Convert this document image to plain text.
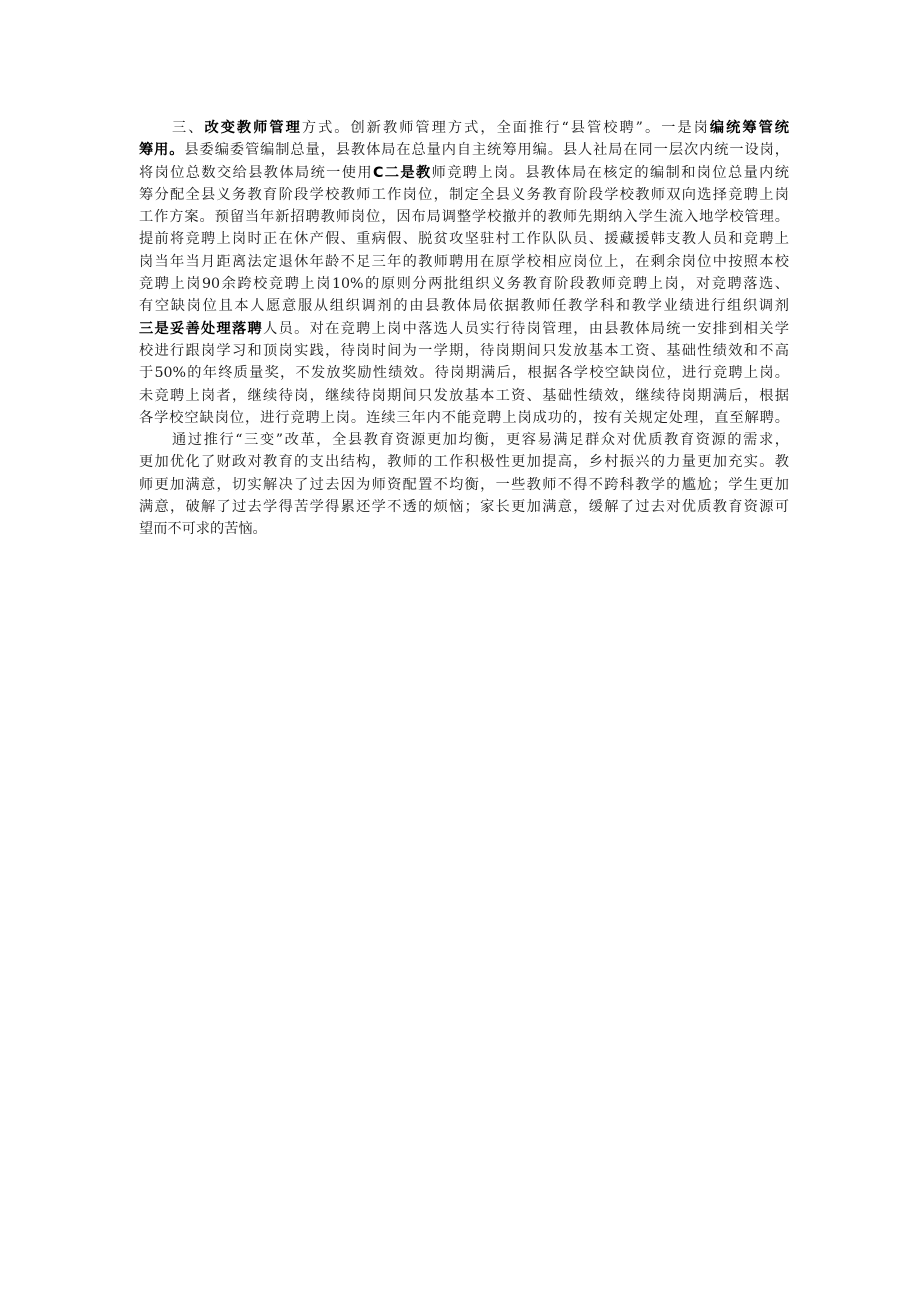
三、改变教师管理方式。创新教师管理方式，全面推行“县管校聘”。一是岗编统筹管统
筹用。县委编委管编制总量，县教体局在总量内自主统筹用编。县人社局在同一层次内统一设岗，
将岗位总数交给县教体局统一使用C二是教师竞聘上岗。县教体局在核定的编制和岗位总量内统
筹分配全县义务教育阶段学校教师工作岗位，制定全县义务教育阶段学校教师双向选择竞聘上岗
工作方案。预留当年新招聘教师岗位，因布局调整学校撤并的教师先期纳入学生流入地学校管理。
提前将竞聘上岗时正在休产假、重病假、脱贫攻坚驻村工作队队员、援藏援韩支教人员和竞聘上
岗当年当月距离法定退休年龄不足三年的教师聘用在原学校相应岗位上，在剩余岗位中按照本校
竞聘上岗90余跨校竞聘上岗10%的原则分两批组织义务教育阶段教师竞聘上岗，对竞聘落选、
有空缺岗位且本人愿意服从组织调剂的由县教体局依据教师任教学科和教学业绩进行组织调剂
三是妥善处理落聘人员。对在竞聘上岗中落选人员实行待岗管理，由县教体局统一安排到相关学
校进行跟岗学习和顶岗实践，待岗时间为一学期，待岗期间只发放基本工资、基础性绩效和不高
于50%的年终质量奖，不发放奖励性绩效。待岗期满后，根据各学校空缺岗位，进行竞聘上岗。
未竞聘上岗者，继续待岗，继续待岗期间只发放基本工资、基础性绩效，继续待岗期满后，根据
各学校空缺岗位，进行竞聘上岗。连续三年内不能竞聘上岗成功的，按有关规定处理，直至解聘。
通过推行“三变”改革，全县教育资源更加均衡，更容易满足群众对优质教育资源的需求，
更加优化了财政对教育的支出结构，教师的工作积极性更加提高，乡村振兴的力量更加充实。教
师更加满意，切实解决了过去因为师资配置不均衡，一些教师不得不跨科教学的尴尬；学生更加
满意，破解了过去学得苦学得累还学不透的烦恼；家长更加满意，缓解了过去对优质教育资源可
望而不可求的苦恼。
